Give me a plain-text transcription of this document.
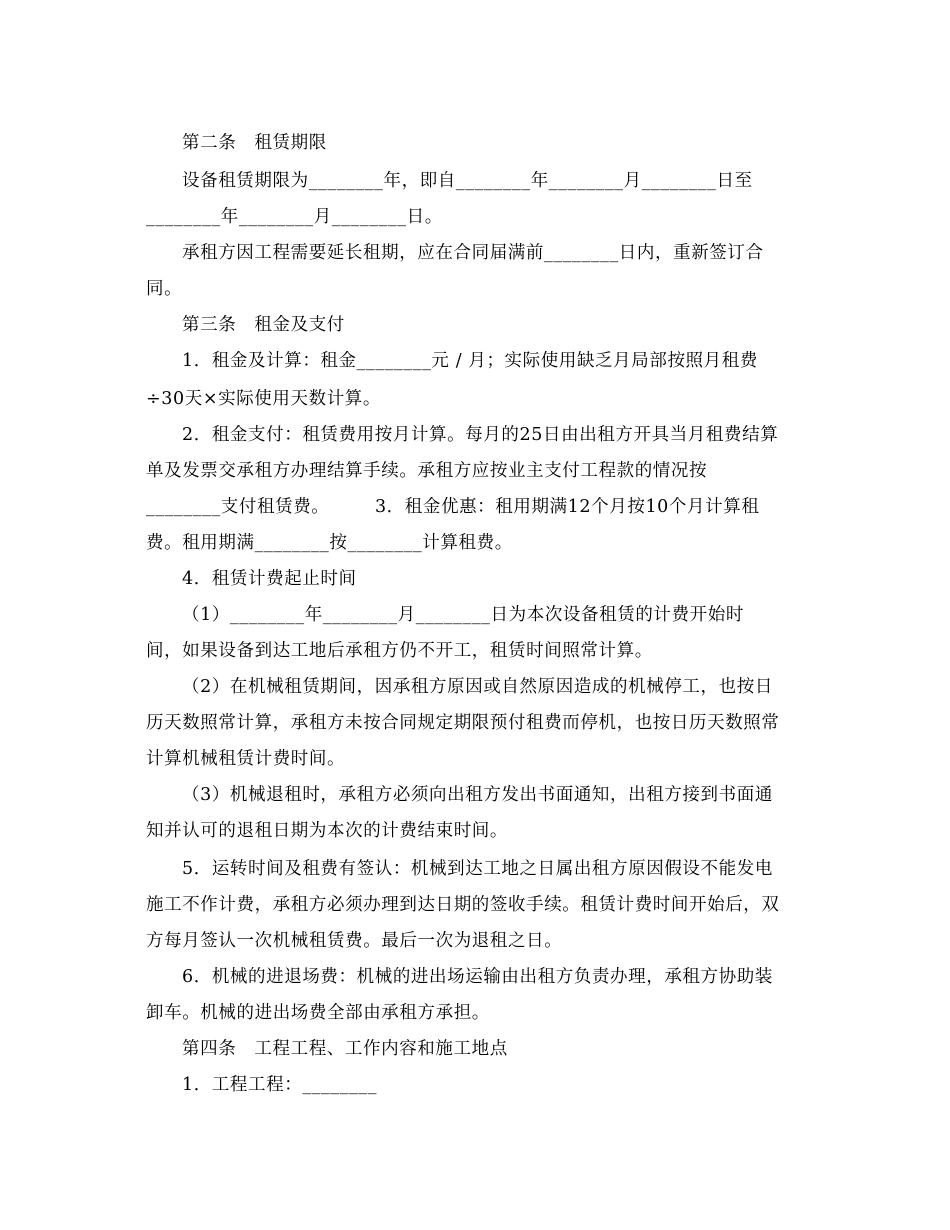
第二条　租赁期限
设备租赁期限为________年，即自________年________月________日至
________年________月________日。
承租方因工程需要延长租期，应在合同届满前________日内，重新签订合
同。
第三条　租金及支付
1．租金及计算：租金________元 / 月；实际使用缺乏月局部按照月租费
÷30天×实际使用天数计算。
2．租金支付：租赁费用按月计算。每月的25日由出租方开具当月租费结算
单及发票交承租方办理结算手续。承租方应按业主支付工程款的情况按
________支付租赁费。　　　3．租金优惠：租用期满12个月按10个月计算租
费。租用期满________按________计算租费。
4．租赁计费起止时间
（1）________年________月________日为本次设备租赁的计费开始时
间，如果设备到达工地后承租方仍不开工，租赁时间照常计算。
（2）在机械租赁期间，因承租方原因或自然原因造成的机械停工，也按日
历天数照常计算，承租方未按合同规定期限预付租费而停机，也按日历天数照常
计算机械租赁计费时间。
（3）机械退租时，承租方必须向出租方发出书面通知，出租方接到书面通
知并认可的退租日期为本次的计费结束时间。
5．运转时间及租费有签认：机械到达工地之日属出租方原因假设不能发电
施工不作计费，承租方必须办理到达日期的签收手续。租赁计费时间开始后，双
方每月签认一次机械租赁费。最后一次为退租之日。
6．机械的进退场费：机械的进出场运输由出租方负责办理，承租方协助装
卸车。机械的进出场费全部由承租方承担。
第四条　工程工程、工作内容和施工地点
1．工程工程：________
